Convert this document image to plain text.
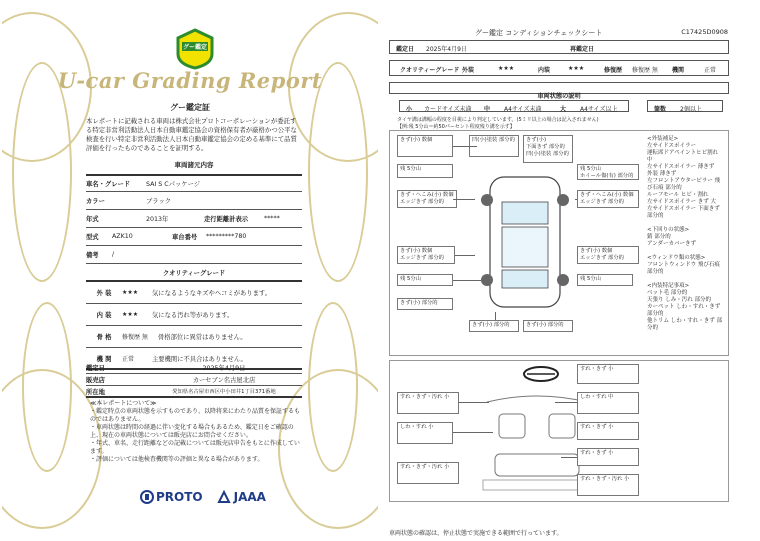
グー鑑定
U-car Grading Report
グー鑑定証
本レポートに記載される車両は株式会社プロトコーポレーションが委託する特定非営利活動法人日本自動車鑑定協会の資格保有者が厳格かつ公平な検査を行い特定非営利活動法人日本自動車鑑定協会の定める基準にて品質評価を行ったものであることを証明する。
車両諸元内容
車名・グレード	SAI S Cパッケージ
カラー	ブラック
年式	2013年	走行距離計表示	*****
型式	AZK10	車台番号	*********780
備考	/
クオリティーグレード
外 装	★★★	気になるようなキズやヘコミがあります。
内 装	★★★	気になる汚れ等があります。
骨 格	修復歴 無	骨格部位に異常はありません。
機 関	正常	主要機関に不具合はありません。
鑑定日	2025年4月9日
販売店	カーセブン名古屋北店
所在地	愛知県名古屋市西区中小田井1丁目371番地
≪本レポートについて≫
・鑑定時点の車両状態を示すものであり、以降将来にわたり品質を保証するものではありません。
・車両状態は時間の経過に伴い変化する場合もあるため、鑑定日をご確認の上、現在の車両状態については販売店にお問合せください。
・年式、車名、走行距離などの記載については販売店申告をもとに作成しています。
・評価については他検査機関等の評価と異なる場合があります。
PROTO	JAAA
グー鑑定 コンディションチェックシート	C17425D0908
鑑定日 2025年4月9日	再鑑定日
クオリティーグレード 外装	★★★	内装	★★★	修復歴 修復歴 無 機関	正常
車両状態の説明
小 カードサイズ未満 中 A4サイズ未満	大 A4サイズ以上	箇数 2個以上
タイヤ溝は溝幅の程度を目視により判定しています。(5ミリ以上の場合は記入されません)
【例:残 5分山＝約50パーセント程度残り溝を示す】
きず(小) 数個	凹(小)塗装 部分的	きず(小)
下面きず 部分的
凹(小)塗装 部分的
残 5分山	残 5分山
ホイール傷(有) 部分的
きず・へこみ(小) 数個
エッジきず 部分的
きず・へこみ(小) 数個
エッジきず 部分的
きず(小) 数個
エッジきず 部分的
きず(小) 数個
エッジきず 部分的
残 5分山	残 5分山
きず(小) 部分的
きず(小) 部分的	きず(小) 部分的
<外装補足>
左サイドスポイラー
運転席ドアペイントヒビ割れ 中
左サイドスポイラー 薄きず
外装 薄きず
左フロントアウターピラー 飛び石痕 部分的
ルーフモール ヒビ・割れ
左サイドスポイラー きず 大
左サイドスポイラー 下面きず 部分的

<下回りの状態>
錆 部分的
アンダーカバーきず

<ウィンドウ類の状態>
フロントウィンドウ 飛び石痕 部分的

<内装特記事項>
ベット毛 部分的
天張り しみ・汚れ 部分的
カーペット しわ・すれ・きず 部分的
他トリム しわ・すれ・きず 部分的
すれ・きず 小
すれ・きず・汚れ 小	しわ・すれ 中
しわ・すれ 小	すれ・きず 小
すれ・きず 小
すれ・きず・汚れ 小
すれ・きず・汚れ 小
車両状態の確認は、停止状態で実施できる範囲で行っています。
